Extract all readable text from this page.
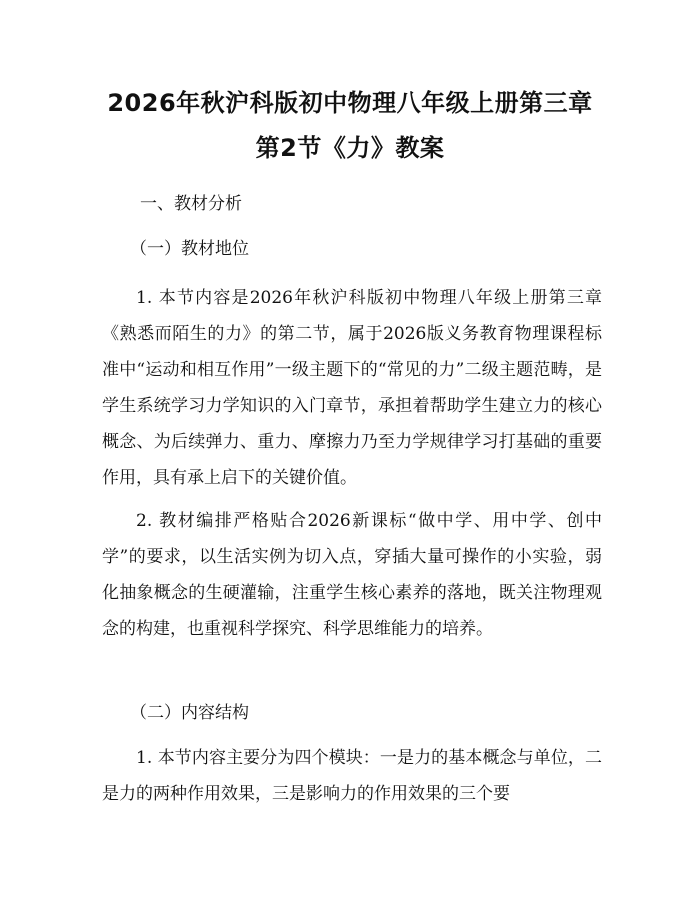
2026年秋沪科版初中物理八年级上册第三章
第2节《力》教案

一、教材分析

（一）教材地位

1. 本节内容是2026年秋沪科版初中物理八年级上册第三章《熟悉而陌生的力》的第二节，属于2026版义务教育物理课程标准中“运动和相互作用”一级主题下的“常见的力”二级主题范畴，是学生系统学习力学知识的入门章节，承担着帮助学生建立力的核心概念、为后续弹力、重力、摩擦力乃至力学规律学习打基础的重要作用，具有承上启下的关键价值。

2. 教材编排严格贴合2026新课标“做中学、用中学、创中学”的要求，以生活实例为切入点，穿插大量可操作的小实验，弱化抽象概念的生硬灌输，注重学生核心素养的落地，既关注物理观念的构建，也重视科学探究、科学思维能力的培养。

（二）内容结构

1. 本节内容主要分为四个模块：一是力的基本概念与单位，二是力的两种作用效果，三是影响力的作用效果的三个要
